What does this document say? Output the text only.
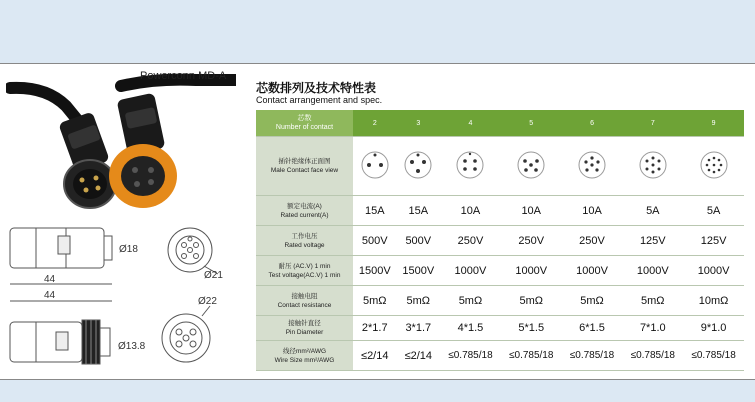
Powerconn MD-A
44
Ø18
Ø21
44
Ø13.8
Ø22
芯数排列及技术特性表
Contact arrangement and spec.
芯数
Number of contact	2	3	4	5	6	7	9

插针绝缘体正面图
Male Contact face view

额定电流(A)
Rated current(A)	15A	15A	10A	10A	10A	5A	5A

工作电压
Rated voltage	500V	500V	250V	250V	250V	125V	125V

耐压 (AC.V) 1 min
Test voltage(AC.V) 1 min	1500V	1500V	1000V	1000V	1000V	1000V	1000V

接触电阻
Contact resistance	5mΩ	5mΩ	5mΩ	5mΩ	5mΩ	5mΩ	10mΩ

接触针直径
Pin Diameter	2*1.7	3*1.7	4*1.5	5*1.5	6*1.5	7*1.0	9*1.0

线径mm²/AWG
Wire Size mm²/AWG	≤2/14	≤2/14	≤0.785/18	≤0.785/18	≤0.785/18	≤0.785/18	≤0.785/18
